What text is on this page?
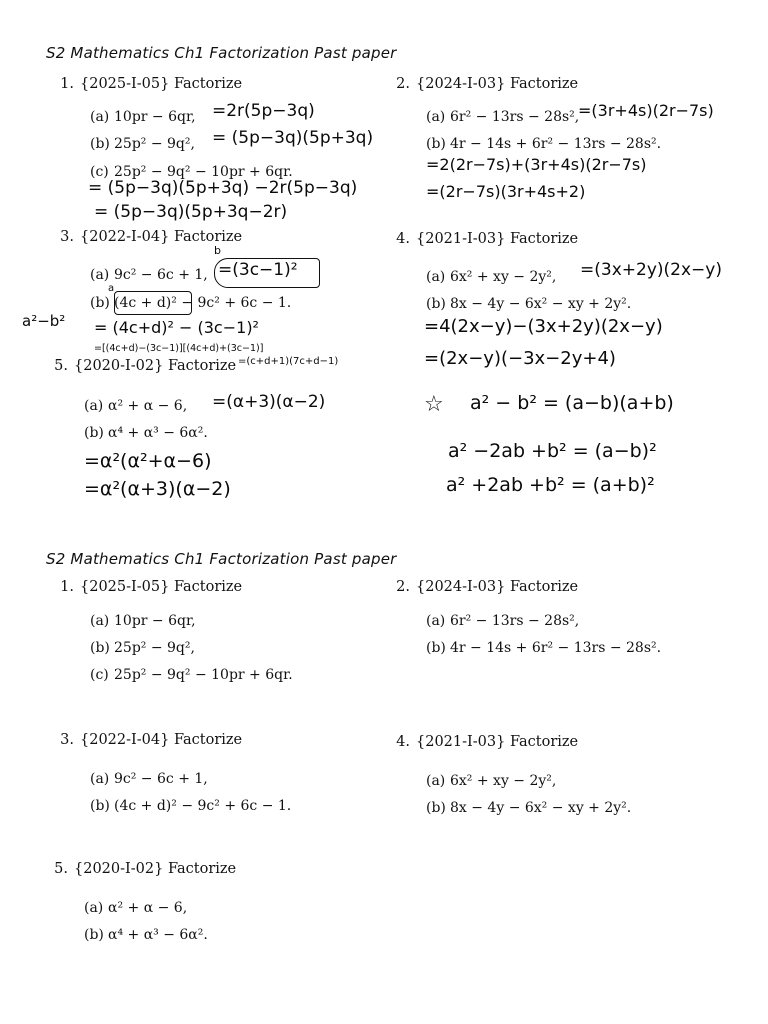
S2 Mathematics Ch1 Factorization Past paper
1. {2025-I-05} Factorize
(a) 10pr − 6qr,
(b) 25p² − 9q²,
(c) 25p² − 9q² − 10pr + 6qr.
=2r(5p−3q)
= (5p−3q)(5p+3q)
= (5p−3q)(5p+3q) −2r(5p−3q)
= (5p−3q)(5p+3q−2r)
2. {2024-I-03} Factorize
(a) 6r² − 13rs − 28s²,
(b) 4r − 14s + 6r² − 13rs − 28s².
=(3r+4s)(2r−7s)
=2(2r−7s)+(3r+4s)(2r−7s)
=(2r−7s)(3r+4s+2)
3. {2022-I-04} Factorize
b
(a) 9c² − 6c + 1, =(3c−1)²
a
(b) (4c + d)² − 9c² + 6c − 1.
a²−b² = (4c+d)² − (3c−1)²
=[(4c+d)−(3c−1)][(4c+d)+(3c−1)]
5. {2020-I-02} Factorize =(c+d+1)(7c+d−1)
(a) α² + α − 6,
(b) α⁴ + α³ − 6α².
=(α+3)(α−2)
=α²(α²+α−6)
=α²(α+3)(α−2)
4. {2021-I-03} Factorize
(a) 6x² + xy − 2y²,
(b) 8x − 4y − 6x² − xy + 2y².
=(3x+2y)(2x−y)
=4(2x−y)−(3x+2y)(2x−y)
=(2x−y)(−3x−2y+4)
☆ a² − b² = (a−b)(a+b)
a² −2ab +b² = (a−b)²
a² +2ab +b² = (a+b)²
S2 Mathematics Ch1 Factorization Past paper
1. {2025-I-05} Factorize
(a) 10pr − 6qr,
(b) 25p² − 9q²,
(c) 25p² − 9q² − 10pr + 6qr.
2. {2024-I-03} Factorize
(a) 6r² − 13rs − 28s²,
(b) 4r − 14s + 6r² − 13rs − 28s².
3. {2022-I-04} Factorize
(a) 9c² − 6c + 1,
(b) (4c + d)² − 9c² + 6c − 1.
4. {2021-I-03} Factorize
(a) 6x² + xy − 2y²,
(b) 8x − 4y − 6x² − xy + 2y².
5. {2020-I-02} Factorize
(a) α² + α − 6,
(b) α⁴ + α³ − 6α².
